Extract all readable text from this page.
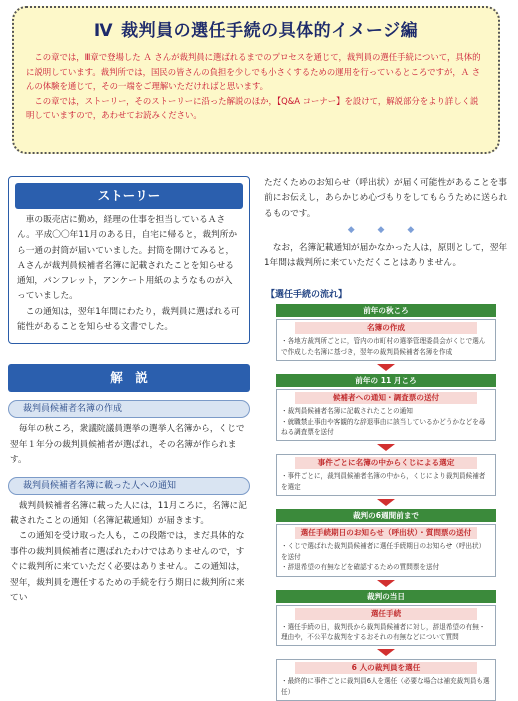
Ⅳ 裁判員の選任手続の具体的イメージ編

この章では，Ⅲ章で登場した Ａ さんが裁判員に選ばれるまでのプロセスを通じて，裁判員の選任手続について，具体的に説明しています。裁判所では，国民の皆さんの負担を少しでも小さくするための運用を行っているところですが，Ａ さんの体験を通じて，その一端をご理解いただければと思います。

この章では，ストーリー，そのストーリーに沿った解説のほか，【Q&A コーナー】を設けて，解説部分をより詳しく説明していますので，あわせてお読みください。

ストーリー

車の販売店に勤め，経理の仕事を担当しているＡさん。平成〇〇年11月のある日，自宅に帰ると，裁判所から一通の封筒が届いていました。封筒を開けてみると，Ａさんが裁判員候補者名簿に記載されたことを知らせる通知，パンフレット，アンケート用紙のようなものが入っていました。

この通知は，翌年1年間にわたり，裁判員に選ばれる可能性があることを知らせる文書でした。

解　説
裁判員候補者名簿の作成

毎年の秋ころ，衆議院議員選挙の選挙人名簿から，くじで翌年１年分の裁判員候補者が選ばれ，その名簿が作られます。

裁判員候補者名簿に載った人への通知

裁判員候補者名簿に載った人には，11月ころに，名簿に記載されたことの通知（名簿記載通知）が届きます。

この通知を受け取った人も，この段階では，まだ具体的な事件の裁判員候補者に選ばれたわけではありませんので，すぐに裁判所に来ていただく必要はありません。この通知は，翌年，裁判員を選任するための手続を行う期日に裁判所に来てい

ただくためのお知らせ（呼出状）が届く可能性があることを事前にお伝えし，あらかじめ心づもりをしてもらうために送られるものです。

◆ ◆ ◆

なお，名簿記載通知が届かなかった人は，原則として，翌年1年間は裁判所に来ていただくことはありません。

【選任手続の流れ】
前年の秋ころ
名簿の作成
・各地方裁判所ごとに，管内の市町村の選挙管理委員会がくじで選んで作成した名簿に基づき，翌年の裁判員候補者名簿を作成
前年の 11 月ころ
候補者への通知・調査票の送付
・裁判員候補者名簿に記載されたことの通知
・就職禁止事由や客観的な辞退事由に該当しているかどうかなどを尋ねる調査票を送付
事件ごとに名簿の中からくじによる選定
・事件ごとに，裁判員候補者名簿の中から，くじにより裁判員候補者を選定
裁判の6週間前まで
選任手続期日のお知らせ（呼出状）・質問票の送付
・くじで選ばれた裁判員候補者に選任手続期日のお知らせ（呼出状）を送付
・辞退希望の有無などを確認するための質問票を送付
裁判の当日
選任手続
・選任手続の日，裁判長から裁判員候補者に対し，辞退希望の有無・理由や，不公平な裁判をするおそれの有無などについて質問
6 人の裁判員を選任
・最終的に事件ごとに裁判員6人を選任（必要な場合は補充裁判員も選任）
